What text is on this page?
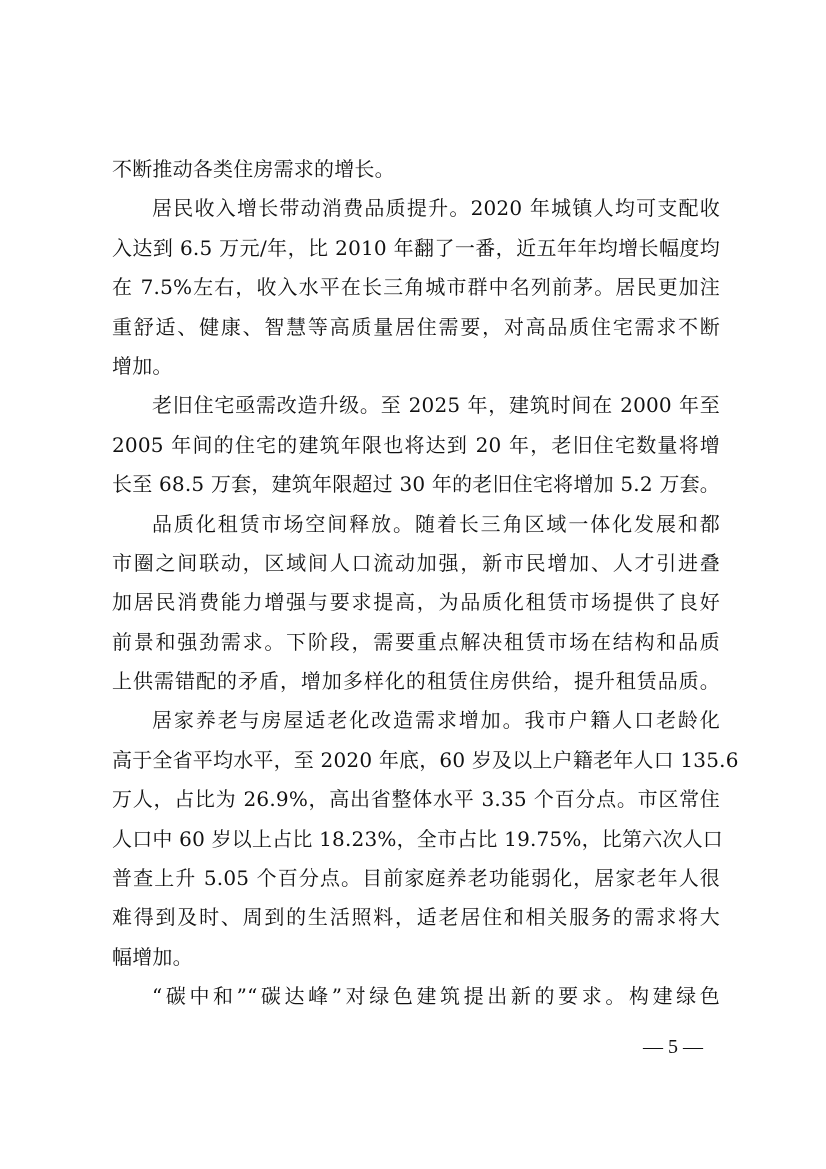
不断推动各类住房需求的增长。
居民收入增长带动消费品质提升。2020 年城镇人均可支配收
入达到 6.5 万元/年，比 2010 年翻了一番，近五年年均增长幅度均
在 7.5%左右，收入水平在长三角城市群中名列前茅。居民更加注
重舒适、健康、智慧等高质量居住需要，对高品质住宅需求不断
增加。
老旧住宅亟需改造升级。至 2025 年，建筑时间在 2000 年至
2005 年间的住宅的建筑年限也将达到 20 年，老旧住宅数量将增
长至 68.5 万套，建筑年限超过 30 年的老旧住宅将增加 5.2 万套。
品质化租赁市场空间释放。随着长三角区域一体化发展和都
市圈之间联动，区域间人口流动加强，新市民增加、人才引进叠
加居民消费能力增强与要求提高，为品质化租赁市场提供了良好
前景和强劲需求。下阶段，需要重点解决租赁市场在结构和品质
上供需错配的矛盾，增加多样化的租赁住房供给，提升租赁品质。
居家养老与房屋适老化改造需求增加。我市户籍人口老龄化
高于全省平均水平，至 2020 年底，60 岁及以上户籍老年人口 135.6
万人，占比为 26.9%，高出省整体水平 3.35 个百分点。市区常住
人口中 60 岁以上占比 18.23%，全市占比 19.75%，比第六次人口
普查上升 5.05 个百分点。目前家庭养老功能弱化，居家老年人很
难得到及时、周到的生活照料，适老居住和相关服务的需求将大
幅增加。
“碳中和”“碳达峰”对绿色建筑提出新的要求。构建绿色
— 5 —
